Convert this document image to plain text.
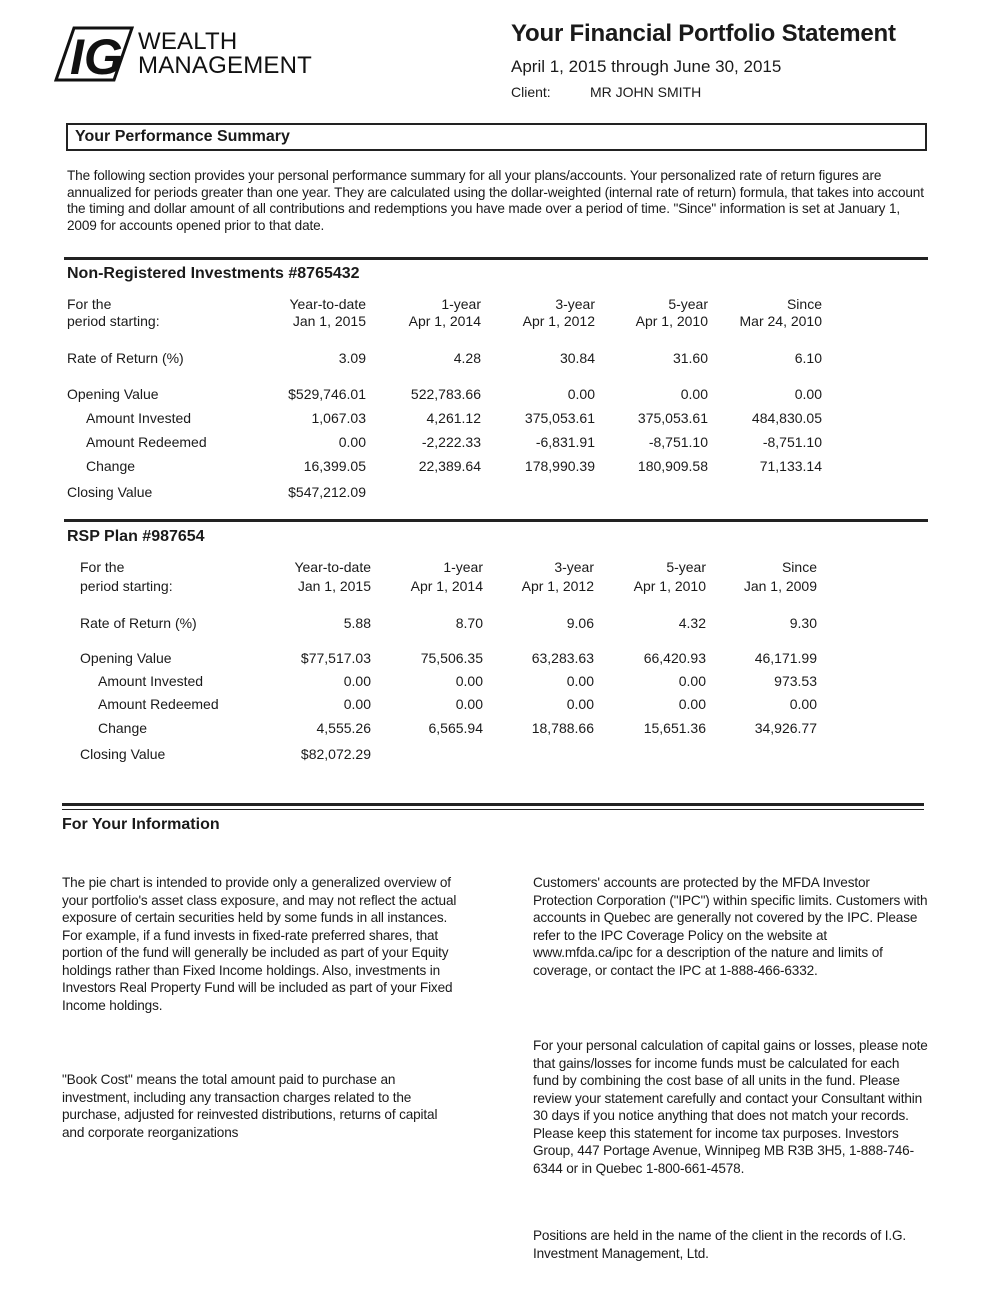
IG WEALTH
MANAGEMENT
Your Financial Portfolio Statement
April 1, 2015 through June 30, 2015
Client:	MR JOHN SMITH
Your Performance Summary
The following section provides your personal performance summary for all your plans/accounts. Your personalized rate of return figures are annualized for periods greater than one year. They are calculated using the dollar-weighted (internal rate of return) formula, that takes into account the timing and dollar amount of all contributions and redemptions you have made over a period of time. "Since" information is set at January 1, 2009 for accounts opened prior to that date.
Non-Registered Investments #8765432
For the	Year-to-date	1-year	3-year	5-year	Since
period starting:	Jan 1, 2015	Apr 1, 2014	Apr 1, 2012	Apr 1, 2010	Mar 24, 2010
Rate of Return (%)	3.09	4.28	30.84	31.60	6.10
Opening Value	$529,746.01	522,783.66	0.00	0.00	0.00
Amount Invested	1,067.03	4,261.12	375,053.61	375,053.61	484,830.05
Amount Redeemed	0.00	-2,222.33	-6,831.91	-8,751.10	-8,751.10
Change	16,399.05	22,389.64	178,990.39	180,909.58	71,133.14
Closing Value	$547,212.09
RSP Plan #987654
For the	Year-to-date	1-year	3-year	5-year	Since
period starting:	Jan 1, 2015	Apr 1, 2014	Apr 1, 2012	Apr 1, 2010	Jan 1, 2009
Rate of Return (%)	5.88	8.70	9.06	4.32	9.30
Opening Value	$77,517.03	75,506.35	63,283.63	66,420.93	46,171.99
Amount Invested	0.00	0.00	0.00	0.00	973.53
Amount Redeemed	0.00	0.00	0.00	0.00	0.00
Change	4,555.26	6,565.94	18,788.66	15,651.36	34,926.77
Closing Value	$82,072.29
For Your Information
The pie chart is intended to provide only a generalized overview of your portfolio's asset class exposure, and may not reflect the actual exposure of certain securities held by some funds in all instances. For example, if a fund invests in fixed-rate preferred shares, that portion of the fund will generally be included as part of your Equity holdings rather than Fixed Income holdings. Also, investments in Investors Real Property Fund will be included as part of your Fixed Income holdings.
"Book Cost" means the total amount paid to purchase an investment, including any transaction charges related to the purchase, adjusted for reinvested distributions, returns of capital and corporate reorganizations
Customers' accounts are protected by the MFDA Investor Protection Corporation ("IPC") within specific limits. Customers with accounts in Quebec are generally not covered by the IPC. Please refer to the IPC Coverage Policy on the website at www.mfda.ca/ipc for a description of the nature and limits of coverage, or contact the IPC at 1-888-466-6332.
For your personal calculation of capital gains or losses, please note that gains/losses for income funds must be calculated for each fund by combining the cost base of all units in the fund. Please review your statement carefully and contact your Consultant within 30 days if you notice anything that does not match your records. Please keep this statement for income tax purposes. Investors Group, 447 Portage Avenue, Winnipeg MB R3B 3H5, 1-888-746-6344 or in Quebec 1-800-661-4578.
Positions are held in the name of the client in the records of I.G. Investment Management, Ltd.
